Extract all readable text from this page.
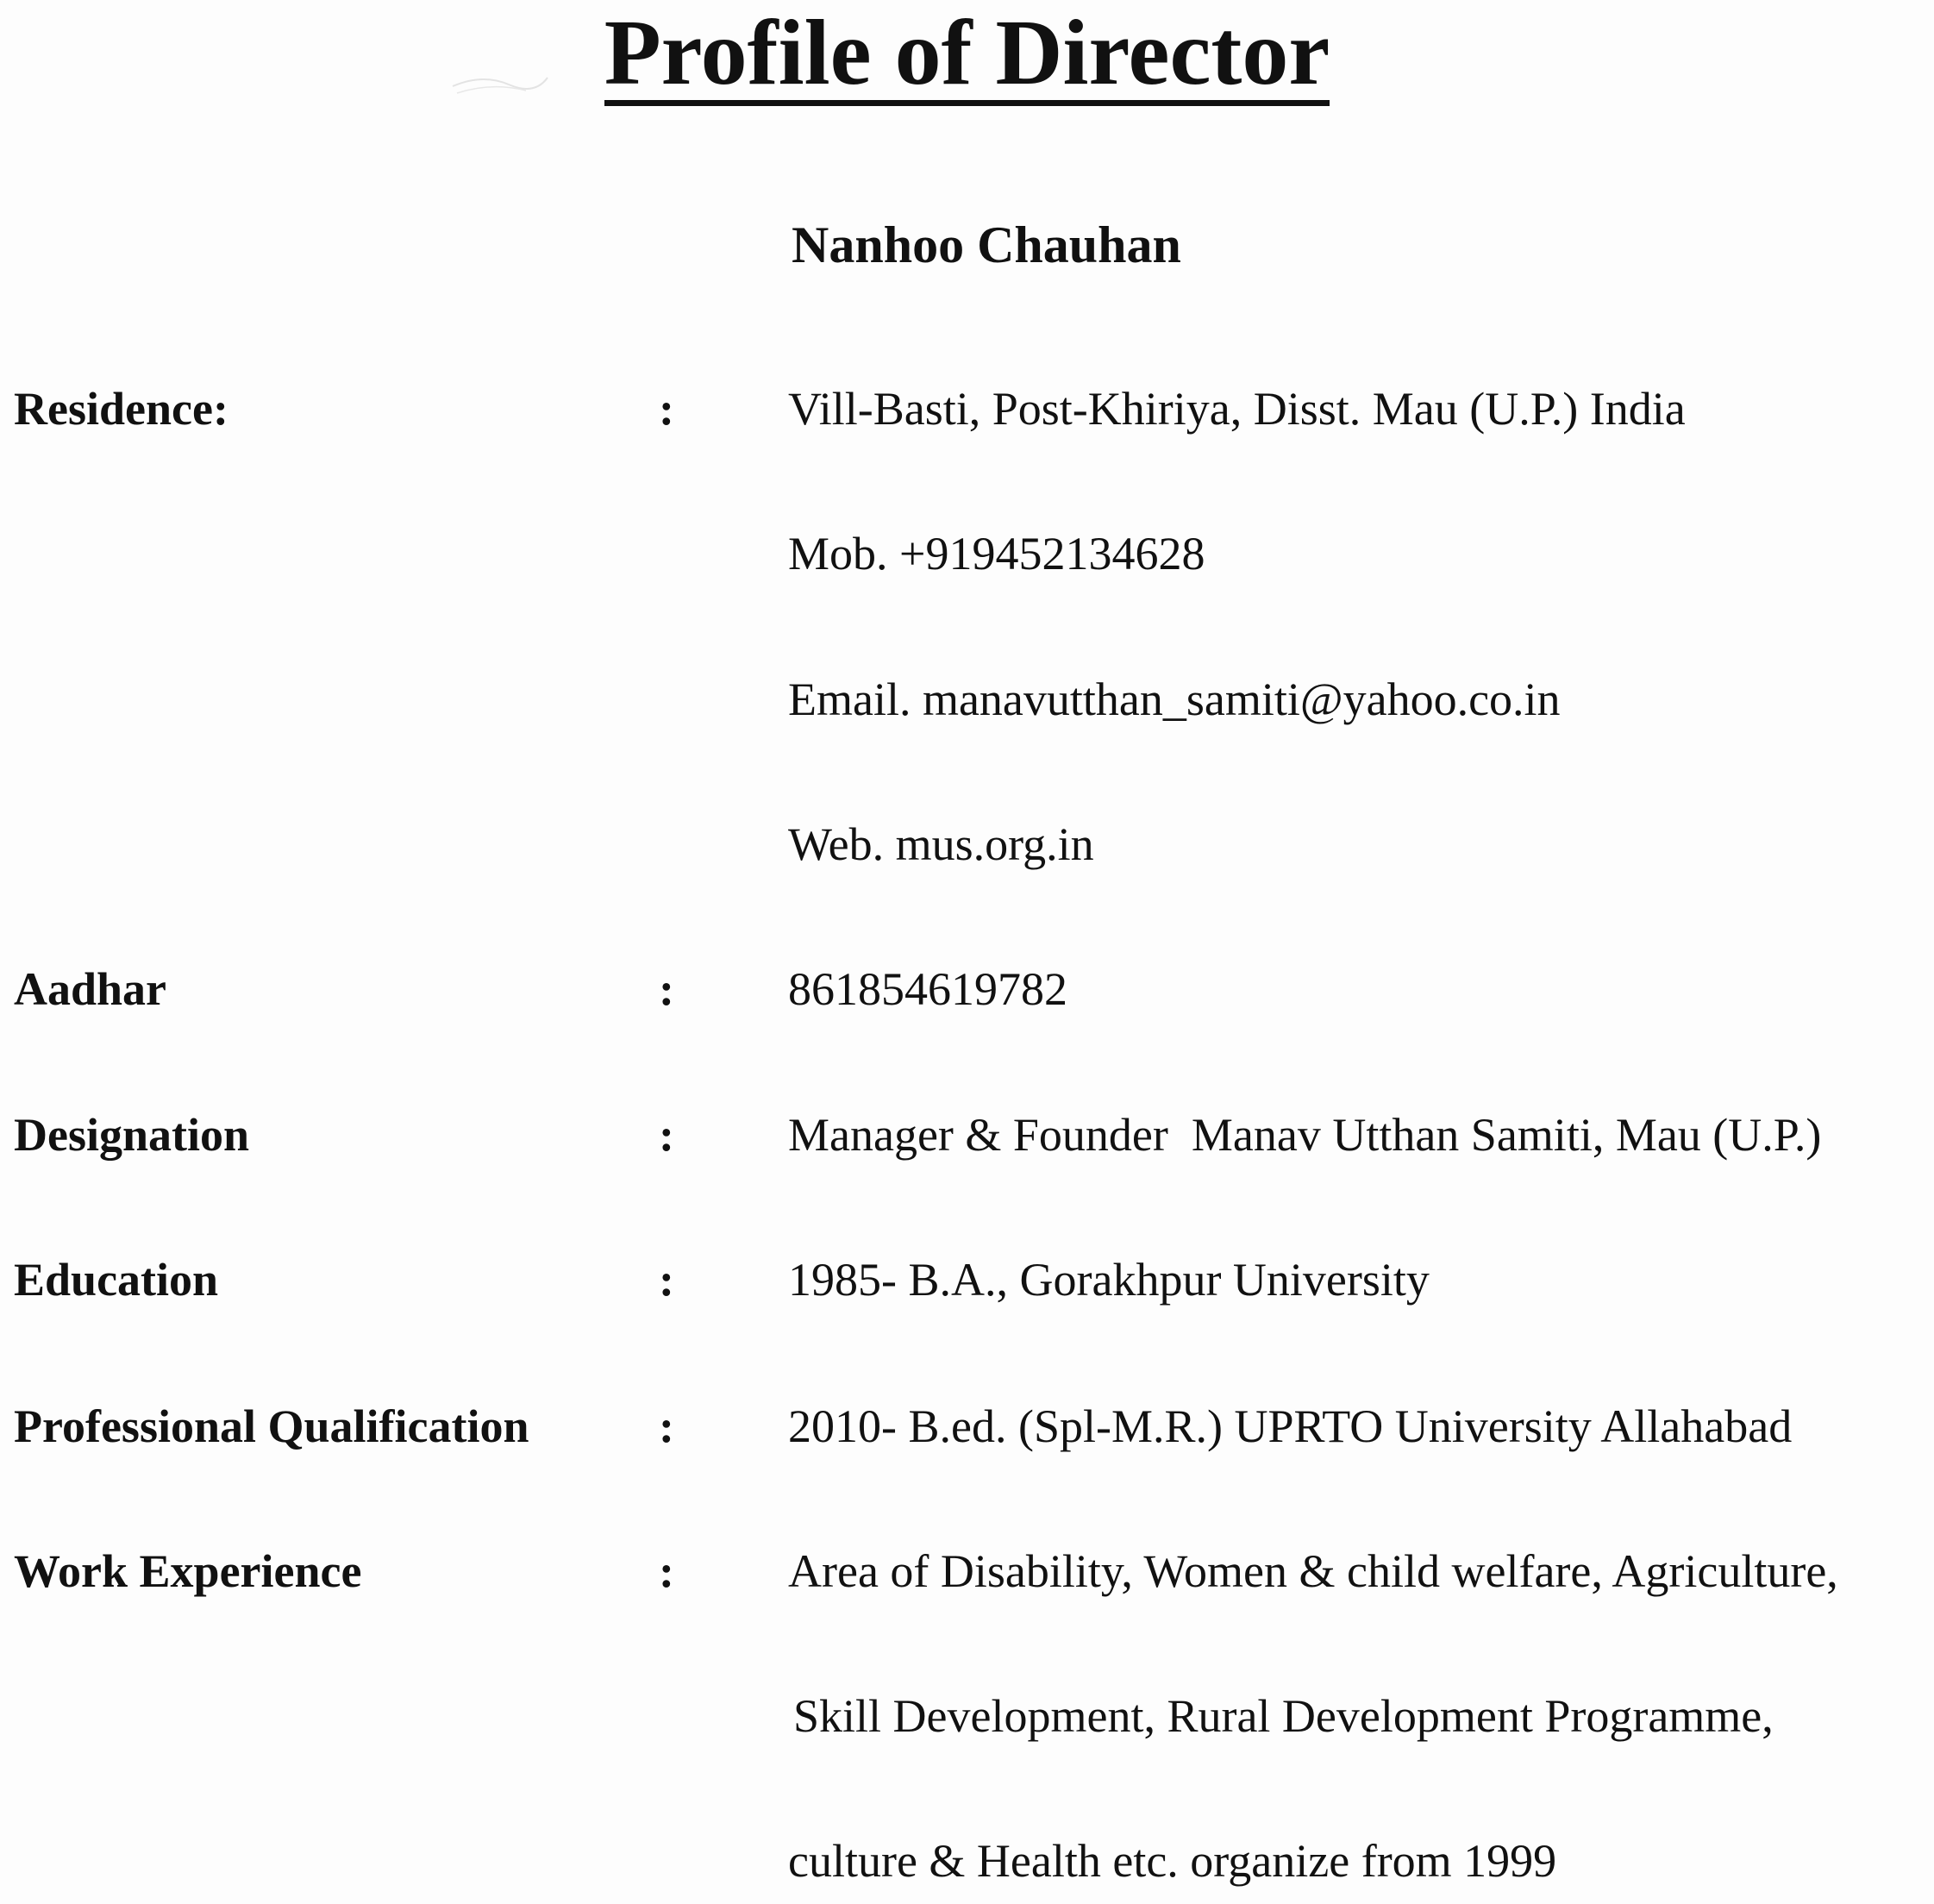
Profile of Director
Nanhoo Chauhan
Residence:	: Vill-Basti, Post-Khiriya, Disst. Mau (U.P.) India
Mob. +919452134628
Email. manavutthan_samiti@yahoo.co.in
Web. mus.org.in
Aadhar	: 861854619782
Designation	: Manager & Founder  Manav Utthan Samiti, Mau (U.P.)
Education	: 1985- B.A., Gorakhpur University
Professional Qualification	: 2010- B.ed. (Spl-M.R.) UPRTO University Allahabad
Work Experience	: Area of Disability, Women & child welfare, Agriculture,
Skill Development, Rural Development Programme,
culture & Health etc. organize from 1999
